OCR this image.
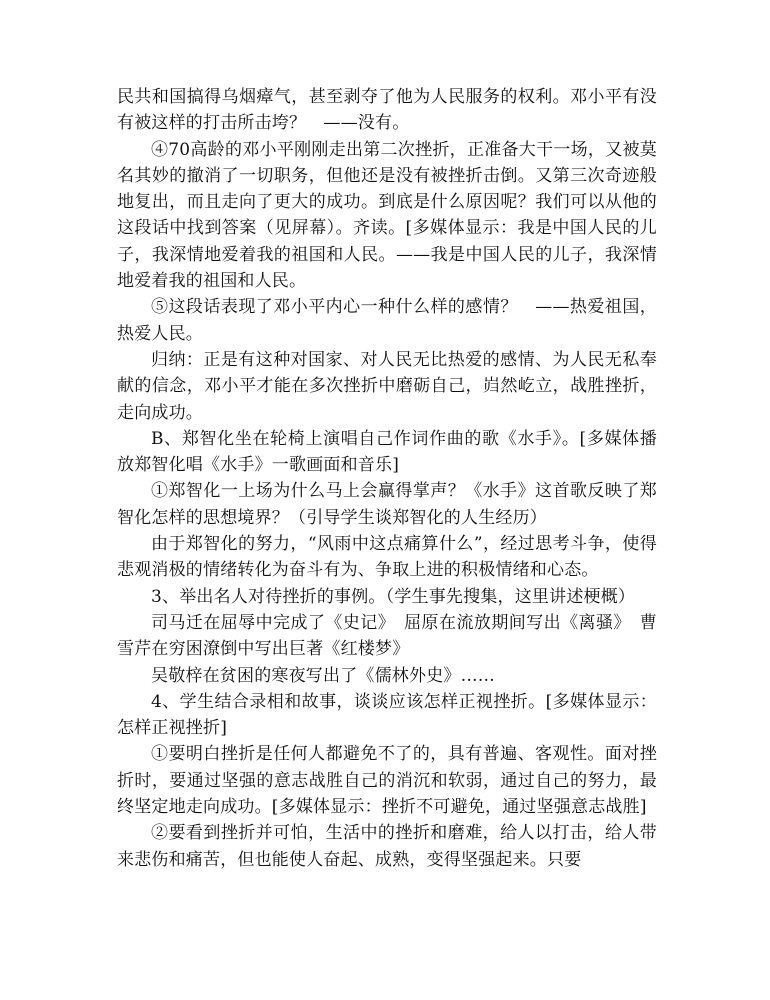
民共和国搞得乌烟瘴气，甚至剥夺了他为人民服务的权利。邓小平有没有被这样的打击所击垮？　——没有。

④70高龄的邓小平刚刚走出第二次挫折，正准备大干一场，又被莫名其妙的撤消了一切职务，但他还是没有被挫折击倒。又第三次奇迹般地复出，而且走向了更大的成功。到底是什么原因呢？我们可以从他的这段话中找到答案（见屏幕）。齐读。[多媒体显示：我是中国人民的儿子，我深情地爱着我的祖国和人民。——我是中国人民的儿子，我深情地爱着我的祖国和人民。

⑤这段话表现了邓小平内心一种什么样的感情？　——热爱祖国，热爱人民。

归纳：正是有这种对国家、对人民无比热爱的感情、为人民无私奉献的信念，邓小平才能在多次挫折中磨砺自己，岿然屹立，战胜挫折，走向成功。

B、郑智化坐在轮椅上演唱自己作词作曲的歌《水手》。[多媒体播放郑智化唱《水手》一歌画面和音乐]

①郑智化一上场为什么马上会赢得掌声？《水手》这首歌反映了郑智化怎样的思想境界？（引导学生谈郑智化的人生经历）

由于郑智化的努力，“风雨中这点痛算什么”，经过思考斗争，使得悲观消极的情绪转化为奋斗有为、争取上进的积极情绪和心态。

3、举出名人对待挫折的事例。（学生事先搜集，这里讲述梗概）

司马迁在屈辱中完成了《史记》　屈原在流放期间写出《离骚》　曹雪芹在穷困潦倒中写出巨著《红楼梦》

吴敬梓在贫困的寒夜写出了《儒林外史》……

4、学生结合录相和故事，谈谈应该怎样正视挫折。[多媒体显示：怎样正视挫折]

①要明白挫折是任何人都避免不了的，具有普遍、客观性。面对挫折时，要通过坚强的意志战胜自己的消沉和软弱，通过自己的努力，最终坚定地走向成功。[多媒体显示：挫折不可避免，通过坚强意志战胜]

②要看到挫折并可怕，生活中的挫折和磨难，给人以打击，给人带来悲伤和痛苦，但也能使人奋起、成熟，变得坚强起来。只要
